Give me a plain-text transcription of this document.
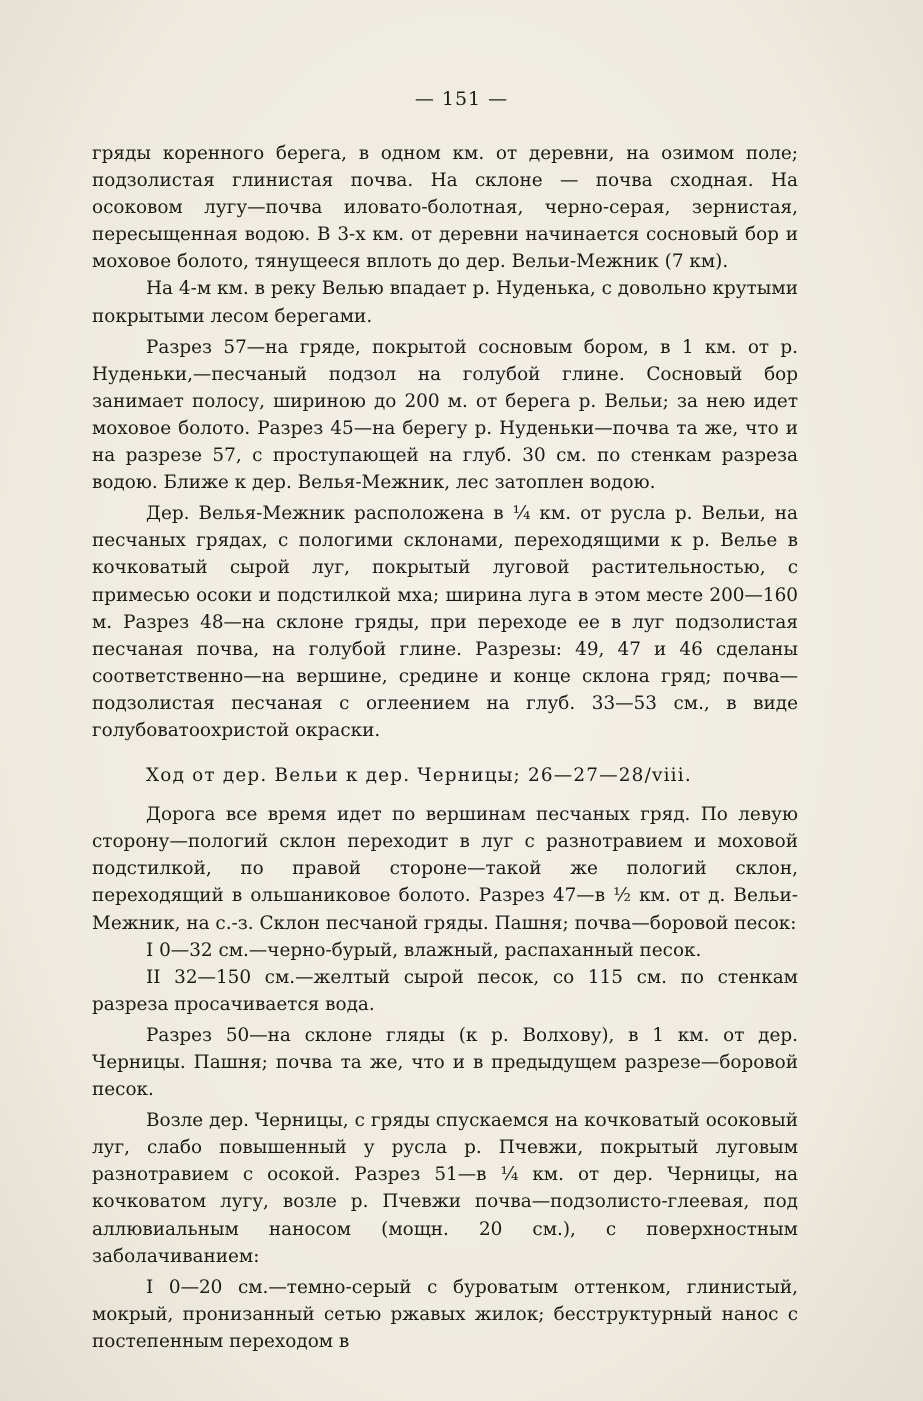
— 151 —

гряды коренного берега, в одном км. от деревни, на озимом поле; подзолистая глинистая почва. На склоне — почва сходная. На осоковом лугу—почва иловато-болотная, черно-серая, зернистая, пересыщенная водою. В 3-х км. от деревни начинается сосновый бор и моховое болото, тянущееся вплоть до дер. Вельи-Межник (7 км).

На 4-м км. в реку Велью впадает р. Нуденька, с довольно крутыми покрытыми лесом берегами.

Разрез 57—на гряде, покрытой сосновым бором, в 1 км. от р. Нуденьки,—песчаный подзол на голубой глине. Сосновый бор занимает полосу, шириною до 200 м. от берега р. Вельи; за нею идет моховое болото. Разрез 45—на берегу р. Нуденьки—почва та же, что и на разрезе 57, с проступающей на глуб. 30 см. по стенкам разреза водою. Ближе к дер. Велья-Межник, лес затоплен водою.

Дер. Велья-Межник расположена в ¼ км. от русла р. Вельи, на песчаных грядах, с пологими склонами, переходящими к р. Велье в кочковатый сырой луг, покрытый луговой растительностью, с примесью осоки и подстилкой мха; ширина луга в этом месте 200—160 м. Разрез 48—на склоне гряды, при переходе ее в луг подзолистая песчаная почва, на голубой глине. Разрезы: 49, 47 и 46 сделаны соответственно—на вершине, средине и конце склона гряд; почва—подзолистая песчаная с оглеением на глуб. 33—53 см., в виде голубоватоохристой окраски.

Ход от дер. Вельи к дер. Черницы; 26—27—28/viii.

Дорога все время идет по вершинам песчаных гряд. По левую сторону—пологий склон переходит в луг с разнотравием и моховой подстилкой, по правой стороне—такой же пологий склон, переходящий в ольшаниковое болото. Разрез 47—в ½ км. от д. Вельи-Межник, на с.-з. Склон песчаной гряды. Пашня; почва—боровой песок:

I 0—32 см.—черно-бурый, влажный, распаханный песок.

II 32—150 см.—желтый сырой песок, со 115 см. по стенкам разреза просачивается вода.

Разрез 50—на склоне гляды (к р. Волхову), в 1 км. от дер. Черницы. Пашня; почва та же, что и в предыдущем разрезе—боровой песок.

Возле дер. Черницы, с гряды спускаемся на кочковатый осоковый луг, слабо повышенный у русла р. Пчевжи, покрытый луговым разнотравием с осокой. Разрез 51—в ¼ км. от дер. Черницы, на кочковатом лугу, возле р. Пчевжи почва—подзолисто-глеевая, под аллювиальным наносом (мощн. 20 см.), с поверхностным заболачиванием:

I 0—20 см.—темно-серый с буроватым оттенком, глинистый, мокрый, пронизанный сетью ржавых жилок; бесструктурный нанос с постепенным переходом в
